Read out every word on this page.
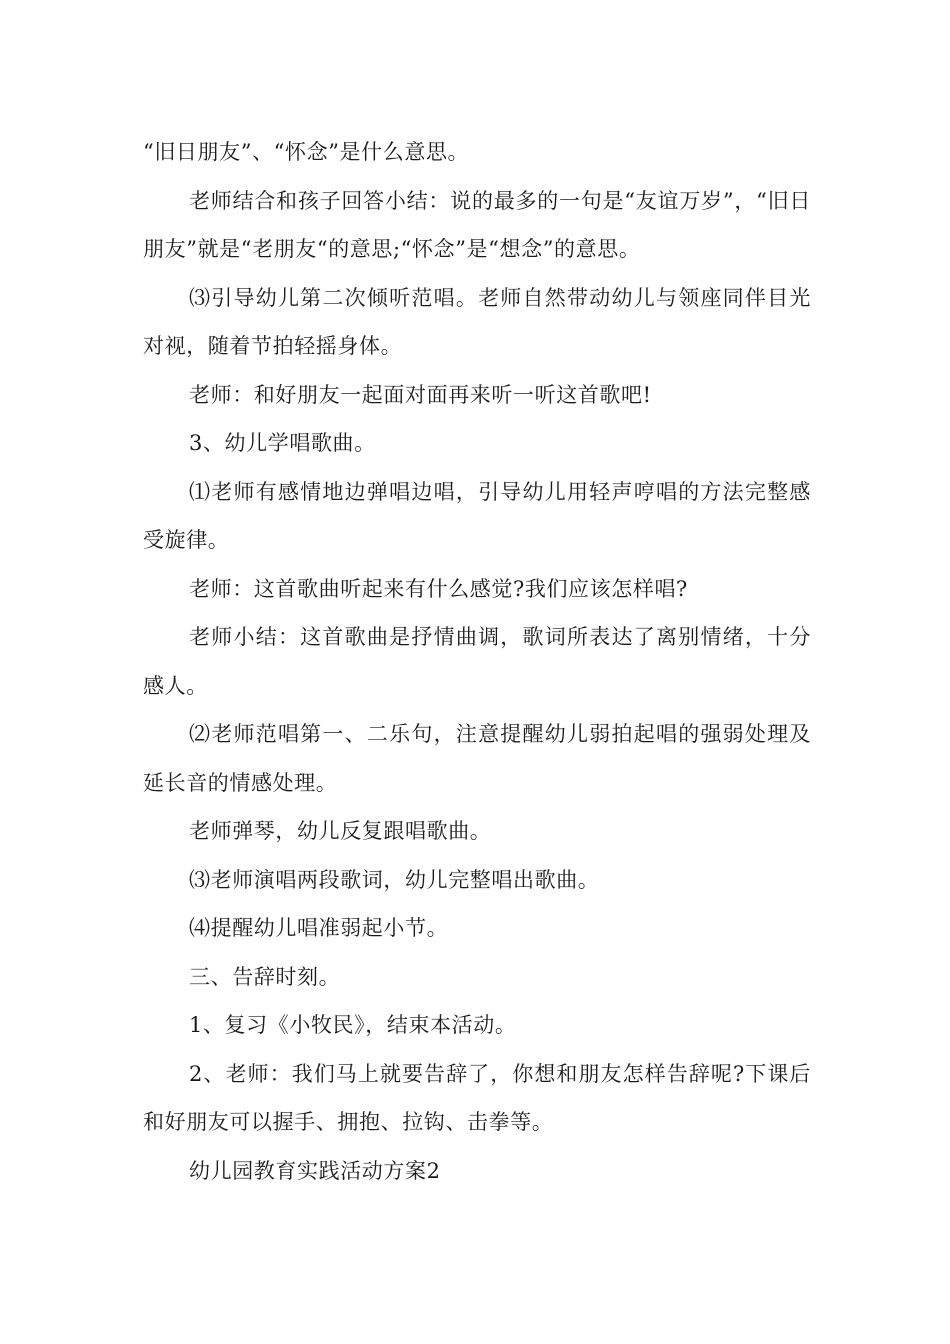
“旧日朋友”、“怀念”是什么意思。

老师结合和孩子回答小结：说的最多的一句是“友谊万岁”，“旧日朋友”就是“老朋友“的意思;“怀念”是“想念”的意思。

⑶引导幼儿第二次倾听范唱。老师自然带动幼儿与领座同伴目光对视，随着节拍轻摇身体。

老师：和好朋友一起面对面再来听一听这首歌吧!

3、幼儿学唱歌曲。

⑴老师有感情地边弹唱边唱，引导幼儿用轻声哼唱的方法完整感受旋律。

老师：这首歌曲听起来有什么感觉?我们应该怎样唱?

老师小结：这首歌曲是抒情曲调，歌词所表达了离别情绪，十分感人。

⑵老师范唱第一、二乐句，注意提醒幼儿弱拍起唱的强弱处理及延长音的情感处理。

老师弹琴，幼儿反复跟唱歌曲。

⑶老师演唱两段歌词，幼儿完整唱出歌曲。

⑷提醒幼儿唱准弱起小节。

三、告辞时刻。

1、复习《小牧民》，结束本活动。

2、老师：我们马上就要告辞了，你想和朋友怎样告辞呢?下课后和好朋友可以握手、拥抱、拉钩、击拳等。

幼儿园教育实践活动方案2
